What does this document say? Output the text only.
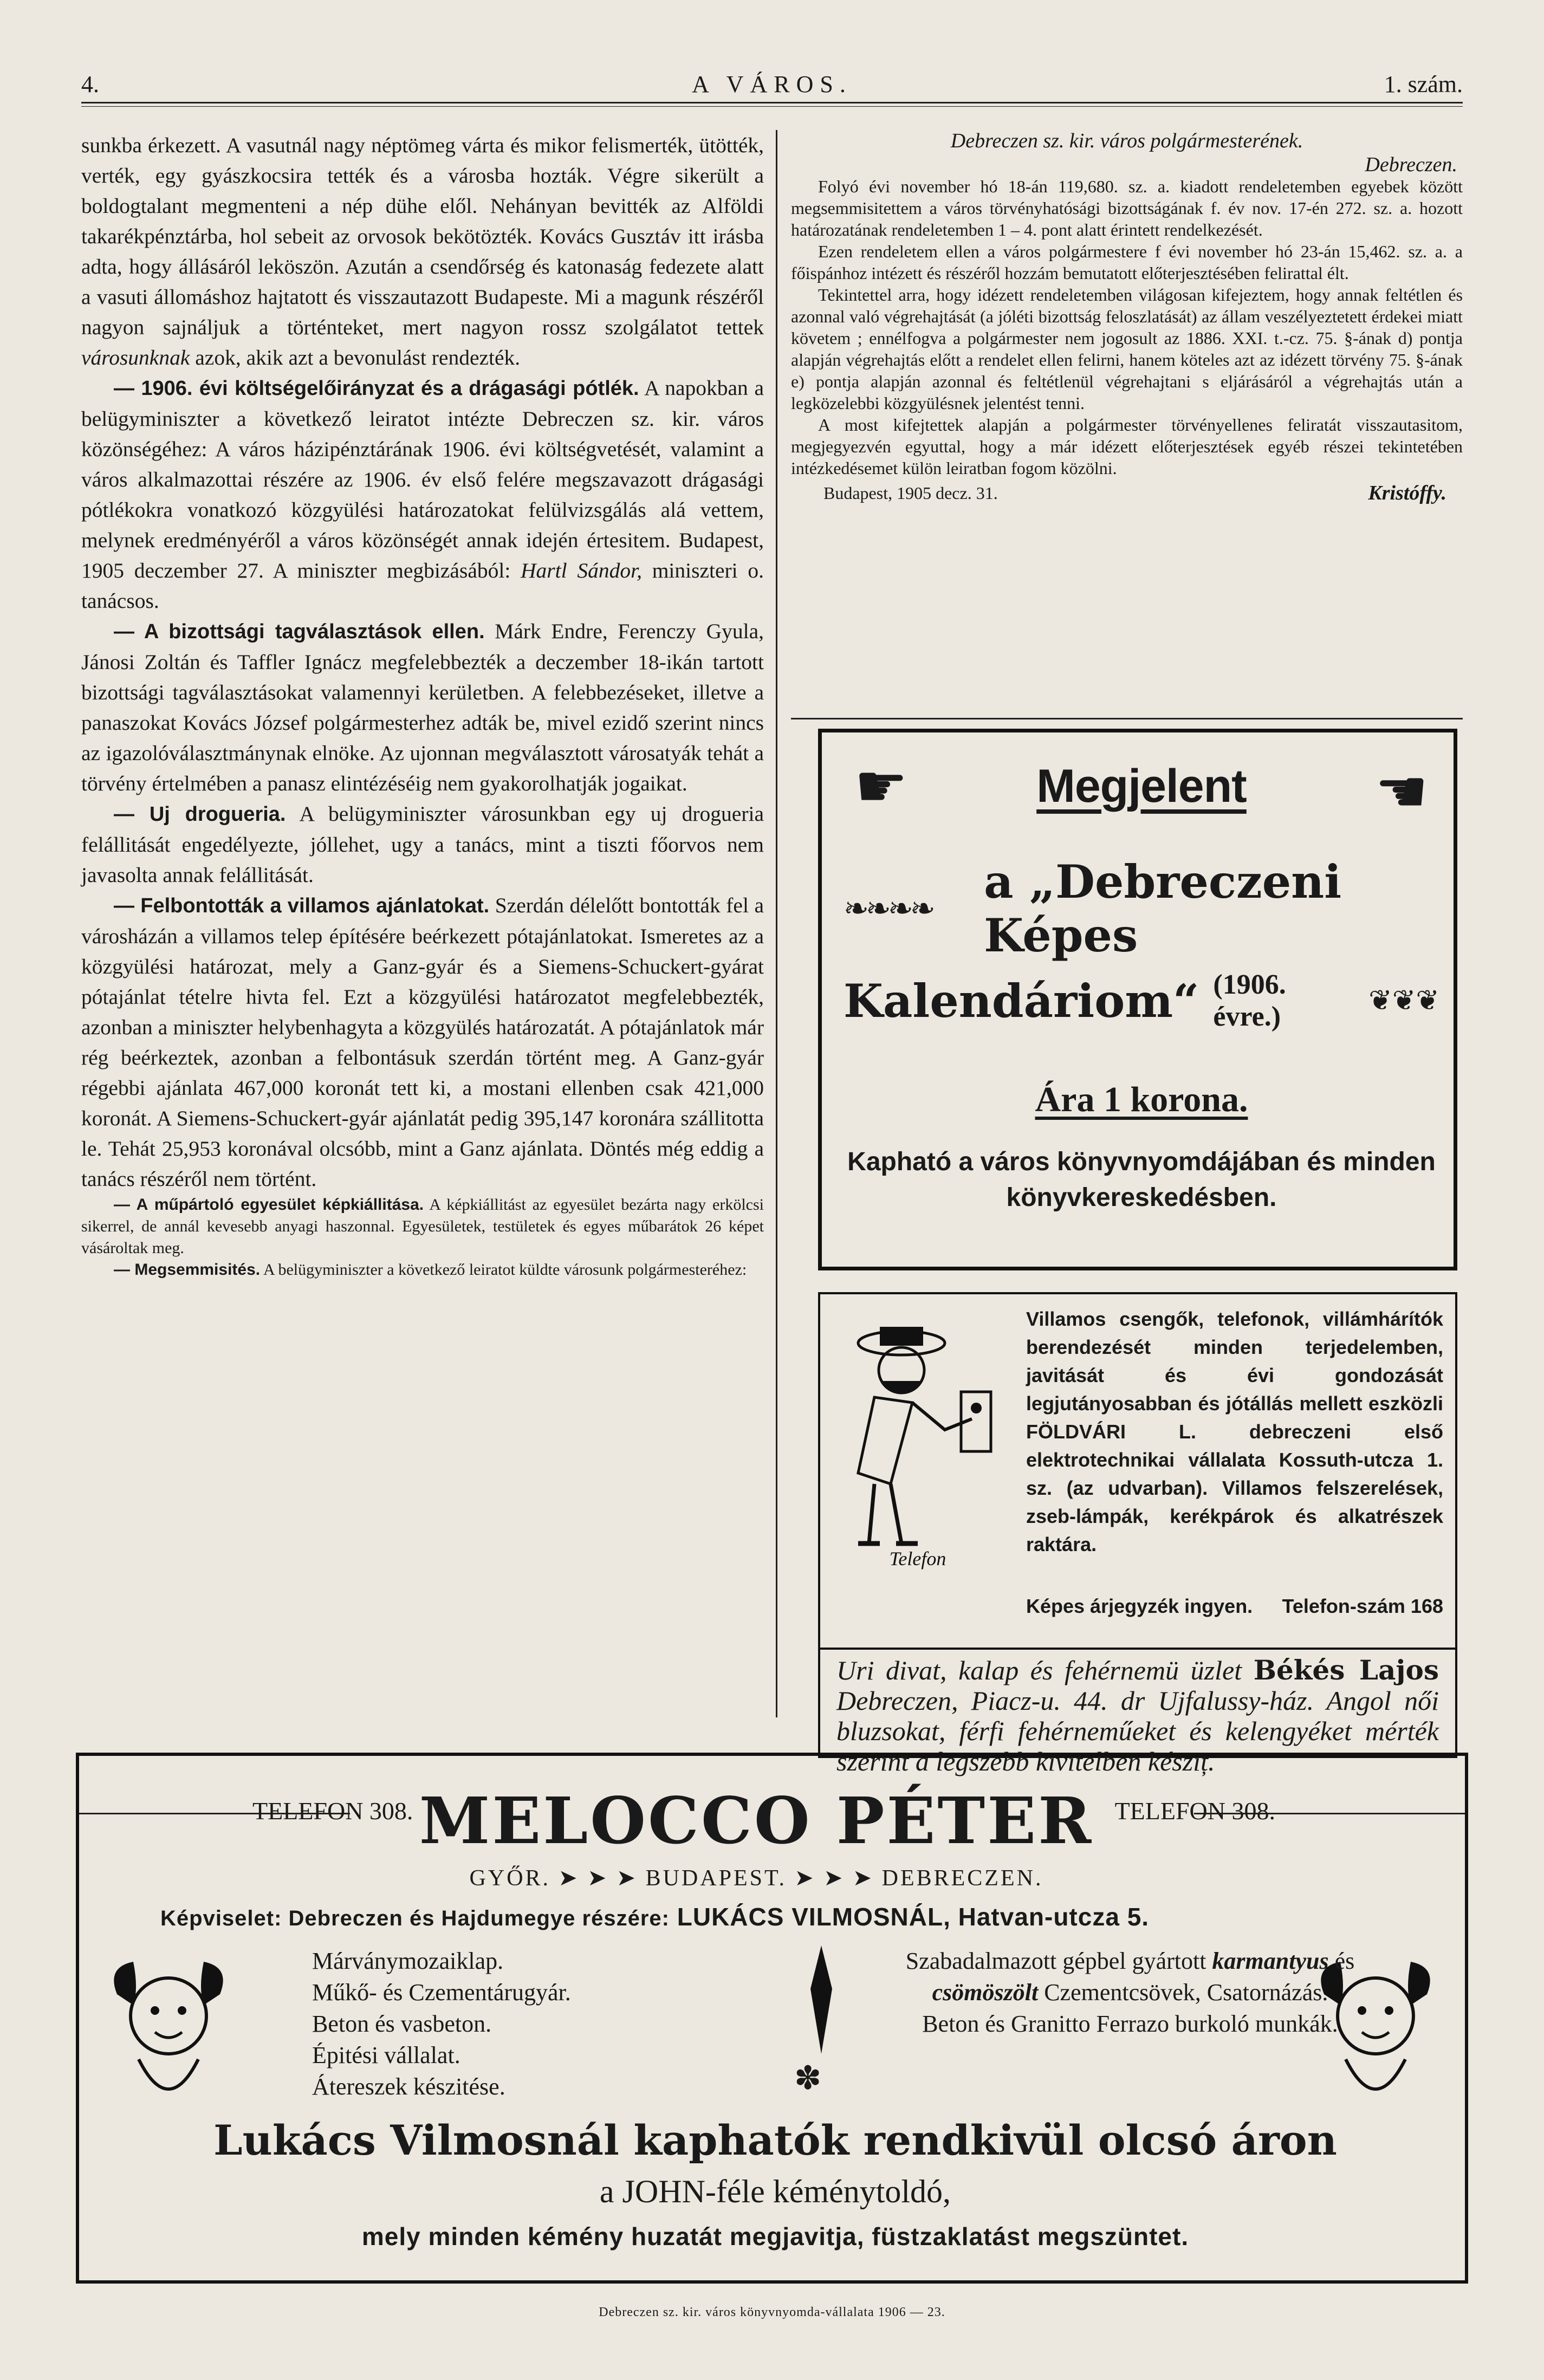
4.	A VÁROS.	1. szám.

sunkba érkezett. A vasutnál nagy néptömeg várta és mikor felismerték, ütötték, verték, egy gyászkocsira tették és a városba hozták. Végre sikerült a boldogtalant megmenteni a nép dühe elől. Nehányan bevitték az Alföldi takarékpénztárba, hol sebeit az orvosok bekötözték. Kovács Gusztáv itt irásba adta, hogy állásáról leköszön. Azután a csendőrség és katonaság fedezete alatt a vasuti állomáshoz hajtatott és visszautazott Budapeste. Mi a magunk részéről nagyon sajnáljuk a történteket, mert nagyon rossz szolgálatot tettek városunknak azok, akik azt a bevonulást rendezték.

— 1906. évi költségelőirányzat és a drágasági pótlék. A napokban a belügyminiszter a következő leiratot intézte Debreczen sz. kir. város közönségéhez: A város házipénztárának 1906. évi költségvetését, valamint a város alkalmazottai részére az 1906. év első felére megszavazott drágasági pótlékokra vonatkozó közgyülési határozatokat felülvizsgálás alá vettem, melynek eredményéről a város közönségét annak idején értesitem. Budapest, 1905 deczember 27. A miniszter megbizásából: Hartl Sándor, miniszteri o. tanácsos.

— A bizottsági tagválasztások ellen. Márk Endre, Ferenczy Gyula, Jánosi Zoltán és Taffler Ignácz megfelebbezték a deczember 18-ikán tartott bizottsági tagválasztásokat valamennyi kerületben. A felebbezéseket, illetve a panaszokat Kovács József polgármesterhez adták be, mivel ezidő szerint nincs az igazolóválasztmánynak elnöke. Az ujonnan megválasztott városatyák tehát a törvény értelmében a panasz elintézéséig nem gyakorolhatják jogaikat.

— Uj drogueria. A belügyminiszter városunkban egy uj drogueria felállitását engedélyezte, jóllehet, ugy a tanács, mint a tiszti főorvos nem javasolta annak felállitását.

— Felbontották a villamos ajánlatokat. Szerdán délelőtt bontották fel a városházán a villamos telep építésére beérkezett pótajánlatokat. Ismeretes az a közgyülési határozat, mely a Ganz-gyár és a Siemens-Schuckert-gyárat pótajánlat tételre hivta fel. Ezt a közgyülési határozatot megfelebbezték, azonban a miniszter helybenhagyta a közgyülés határozatát. A pótajánlatok már rég beérkeztek, azonban a felbontásuk szerdán történt meg. A Ganz-gyár régebbi ajánlata 467,000 koronát tett ki, a mostani ellenben csak 421,000 koronát. A Siemens-Schuckert-gyár ajánlatát pedig 395,147 koronára szállitotta le. Tehát 25,953 koronával olcsóbb, mint a Ganz ajánlata. Döntés még eddig a tanács részéről nem történt.

— A műpártoló egyesület képkiállitása. A képkiállitást az egyesület bezárta nagy erkölcsi sikerrel, de annál kevesebb anyagi haszonnal. Egyesületek, testületek és egyes műbarátok 26 képet vásároltak meg.

— Megsemmisités. A belügyminiszter a következő leiratot küldte városunk polgármesteréhez:

Debreczen sz. kir. város polgármesterének.
Debreczen.

Folyó évi november hó 18-án 119,680. sz. a. kiadott rendeletemben egyebek között megsemmisitettem a város törvényhatósági bizottságának f. év nov. 17-én 272. sz. a. hozott határozatának rendeletemben 1 – 4. pont alatt érintett rendelkezését.

Ezen rendeletem ellen a város polgármestere f évi november hó 23-án 15,462. sz. a. a főispánhoz intézett és részéről hozzám bemutatott előterjesztésében felirattal élt.

Tekintettel arra, hogy idézett rendeletemben világosan kifejeztem, hogy annak feltétlen és azonnal való végrehajtását (a jóléti bizottság feloszlatását) az állam veszélyeztetett érdekei miatt követem ; ennélfogva a polgármester nem jogosult az 1886. XXI. t.-cz. 75. §-ának d) pontja alapján végrehajtás előtt a rendelet ellen felirni, hanem köteles azt az idézett törvény 75. §-ának e) pontja alapján azonnal és feltétlenül végrehajtani s eljárásáról a végrehajtás után a legközelebbi közgyülésnek jelentést tenni.

A most kifejtettek alapján a polgármester törvényellenes feliratát visszautasitom, megjegyezvén egyuttal, hogy a már idézett előterjesztések egyéb részei tekintetében intézkedésemet külön leiratban fogom közölni.

Budapest, 1905 decz. 31.	Kristóffy.
☛	Megjelent	☛
❧❧❧❧
a „Debreczeni Képes
Kalendáriom“ (1906. évre.)
❦❦❦
Ára 1 korona.
Kapható a város könyvnyomdájában és minden könyvkereskedésben.
Telefon
Villamos csengők, telefonok, villámhárítók berendezését minden terjedelemben, javitását és évi gondozását legjutányosabban és jótállás mellett eszközli FÖLDVÁRI L. debreczeni első elektrotechnikai vállalata Kossuth-utcza 1. sz. (az udvarban). Villamos felszerelések, zseb-lámpák, kerékpárok és alkatrészek raktára.
Képes árjegyzék ingyen. Telefon-szám 168
Uri divat, kalap és fehérnemü üzlet Békés Lajos Debreczen, Piacz-u. 44. dr Ujfalussy-ház. Angol női bluzsokat, férfi fehérneműeket és kelengyéket mérték szerint a legszebb kivitelben késziț.
TELEFON 308.	TELEFON 308.
MELOCCO PÉTER
GYŐR. ➤ ➤ ➤ BUDAPEST. ➤ ➤ ➤ DEBRECZEN.
Képviselet: Debreczen és Hajdumegye részére: LUKÁCS VILMOSNÁL, Hatvan-utcza 5.
Márványmozaiklap.
Műkő- és Czementárugyár.
Beton és vasbeton.
Épitési vállalat.
Átereszek készitése.	✽
Szabadalmazott gépbel gyártott karmantyus és csömöszölt Czementcsövek, Csatornázás.
Beton és Granitto Ferrazo burkoló munkák.
Lukács Vilmosnál kaphatók rendkivül olcsó áron
a JOHN-féle kéménytoldó,
mely minden kémény huzatát megjavitja, füstzaklatást megszüntet.
Debreczen sz. kir. város könyvnyomda-vállalata 1906 — 23.
